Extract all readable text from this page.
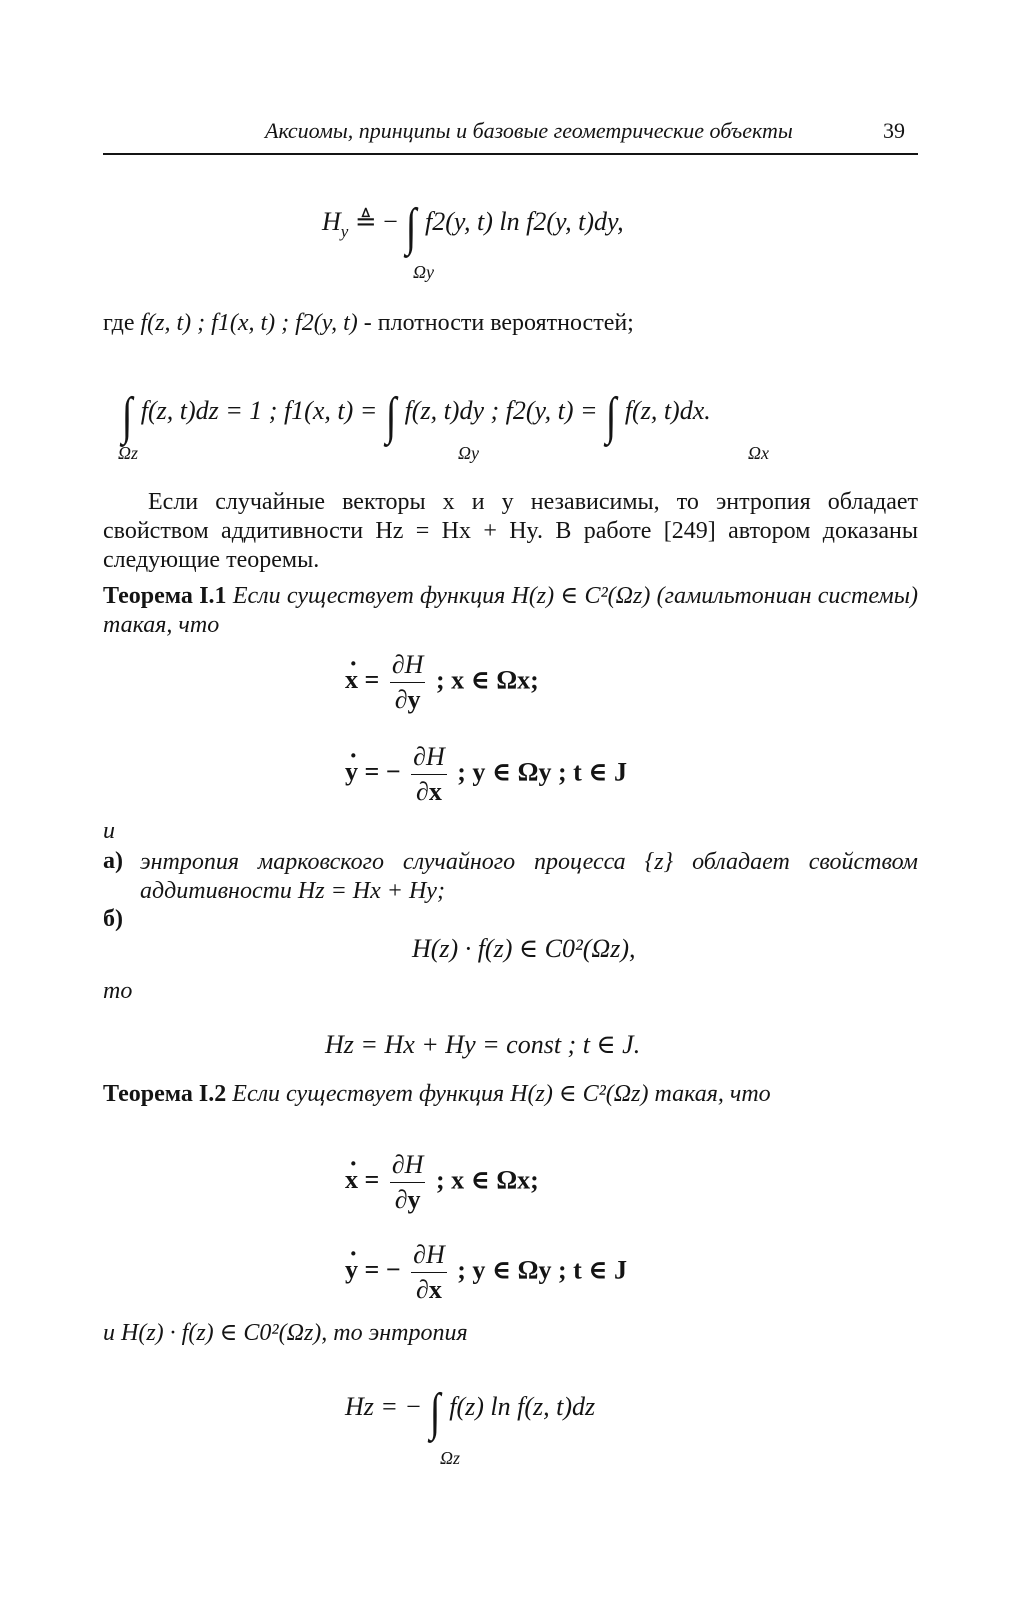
Аксиомы, принципы и базовые геометрические объекты	39
$H_y$ ≜ − ∫ f2(y, t) ln f2(y, t)dy,
Ωy
где f(z, t) ; f1(x, t) ; f2(y, t) - плотности вероятностей;
∫ f(z, t)dz = 1 ; f1(x, t) = ∫ f(z, t)dy ; f2(y, t) = ∫ f(z, t)dx.
Ωz	Ωy	Ωx
Если случайные векторы x и y независимы, то энтропия обладает свойством аддитивности Hz = Hx + Hy. В работе [249] автором доказаны следующие теоремы.
Теорема I.1 Если существует функция H(z) ∈ C²(Ωz) (гамильтониан системы) такая, что
x = · $\frac{\partial H}{\partial y}$ ; x ∈ Ωx;
y = − · $\frac{\partial H}{\partial x}$ ; y ∈ Ωy ; t ∈ J
и
а) энтропия марковского случайного процесса {z} обладает свойством аддитивности Hz = Hx + Hy;
б)
H(z) · f(z) ∈ C0²(Ωz),
то
Hz = Hx + Hy = const ; t ∈ J.
Теорема I.2 Если существует функция H(z) ∈ C²(Ωz) такая, что
x = · $\frac{\partial H}{\partial y}$ ; x ∈ Ωx;
y = − · $\frac{\partial H}{\partial x}$ ; y ∈ Ωy ; t ∈ J
и H(z) · f(z) ∈ C0²(Ωz), то энтропия
Hz = − ∫ f(z) ln f(z, t)dz
Ωz
